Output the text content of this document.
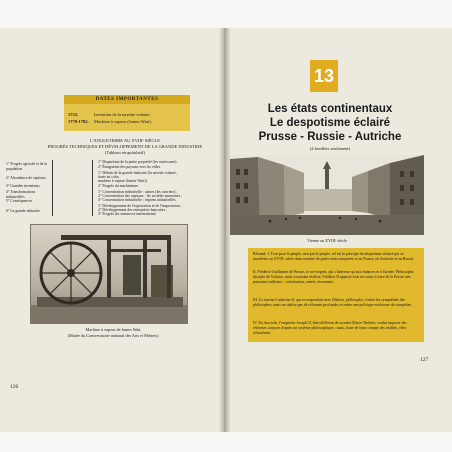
DATES IMPORTANTES
1733.	Invention de la navette volante.
1770-1782. Machine à vapeur (James Watt).
L'ANGLETERRE AU XVIIIᵉ SIÈCLE
PROGRÈS TECHNIQUES ET DÉVELOPPEMENT DE LA GRANDE INDUSTRIE
(Tableau récapitulatif)
1° Progrès agricole et de la population
2° Abondance de capitaux
3° Grandes inventions
4° Transformations industrielles
5° Conséquences
6° La grande industrie
1° Disparition de la petite propriété (les enclosures).
2° Émigration des paysans vers les villes.
1° Débuts de la grande industrie (la navette volante,
fonte au coke,
machine à vapeur (James Watt)).
2° Progrès du machinisme.
1° Concentration industrielle : usines (les ouvriers) ;
2° Concentration des capitaux : les sociétés anonymes ;
3° Concentration industrielle ; régions industrielles.
1° Développement de l'exportation et de l'importation ;
2° Développement des entreprises bancaires ;
3° Progrès du commerce international.
Machine à vapeur de James Watt
(Musée du Conservatoire national des Arts et Métiers)
126
13
Les états continentaux
Le despotisme éclairé
Prusse - Russie - Autriche
(4 feuillets seulement)
Vienne au XVIIIᵉ siècle
Résumé. I. Tout pour le peuple, rien par le peuple, tel fut le principe du despotisme éclairé qui se manifeste au XVIIIᵉ siècle dans nombre de petits états européens et en Prusse, en Autriche et en Russie.
II. Frédéric-Guillaume de Prusse, le roi-sergent, qui s'intéresse qu'aux finances et à l'armée. Philosophe, disciple de Voltaire, mais souverain réaliste, Frédéric II apporte tous ses soins à faire de la Prusse une puissance militaire : colonisation, armée, économie.
III. La tsarine Catherine II, qui correspondait avec Diderot, philosophe, s'attire les sympathies des philosophes, mais ne réalise pas de réformes profondes et mène une politique extérieure de conquêtes.
IV. En Autriche, l'empereur Joseph II, bien différent de sa mère Marie-Thérèse, voulut imposer des réformes conçues d'après un système philosophique ; mais, faute de tenir compte des réalités, elles échouèrent.
127
